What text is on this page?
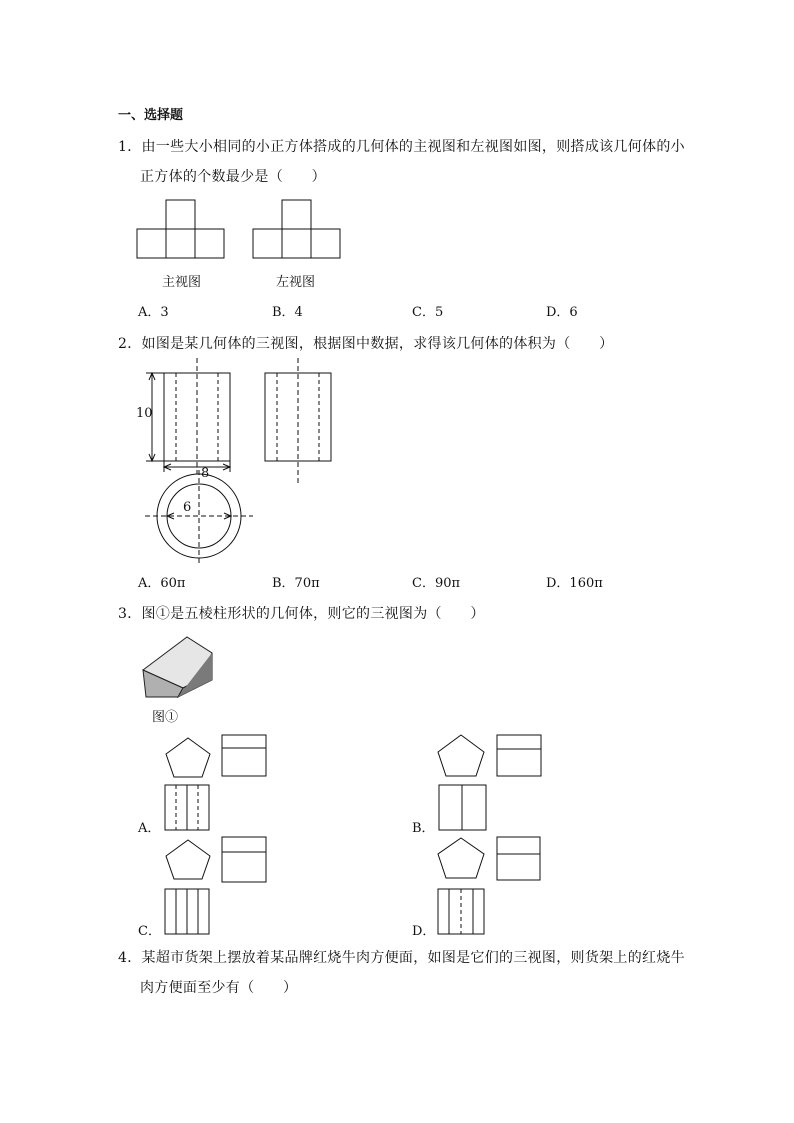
一、选择题
1．由一些大小相同的小正方体搭成的几何体的主视图和左视图如图，则搭成该几何体的小
正方体的个数最少是（　　）
主视图	左视图
A．3	B．4	C．5	D．6
2．如图是某几何体的三视图，根据图中数据，求得该几何体的体积为（　　）
10
8
6
A．60π	B．70π	C．90π	D．160π
3．图①是五棱柱形状的几何体，则它的三视图为（　　）
图①
A．	B．
C．	D．
4．某超市货架上摆放着某品牌红烧牛肉方便面，如图是它们的三视图，则货架上的红烧牛
肉方便面至少有（　　）
